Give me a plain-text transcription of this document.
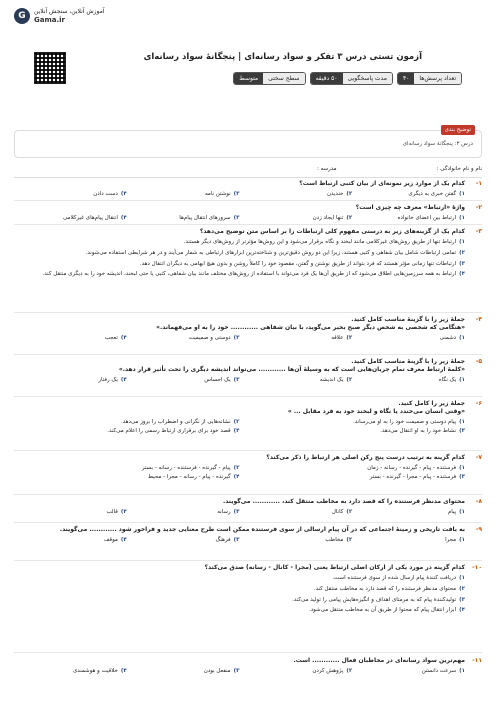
G آموزش آنلاین، سنجش آنلاین
Gama.ir
آزمون تستی درس ۳ تفکر و سواد رسانه‌ای | پنجگانهٔ سواد رسانه‌ای
تعداد پرسش‌ها
۴۰
مدت پاسخگویی
۵۰ دقیقه
سطح سختی
متوسط
توضیح بندی
درس ۳: پنجگانهٔ سواد رسانه‌ای
نام و نام خانوادگی :
مدرسه :
۱ -
کدام یک از موارد زیر نمونه‌ای از بیان کتبی ارتباط است؟
۱)
گفتن خبری به دیگری
۲)
خندیدن
۳)
نوشتن نامه
۴)
دست دادن
۲ -
واژهٔ «ارتباط» معرف چه چیزی است؟
۱)
ارتباط بین اعضای خانواده
۲)
تنها ایجاد زدن
۳)
سرورهای انتقال پیام‌ها
۴)
انتقال پیام‌های غیرکلامی
۳ -
کدام یک از گزینه‌های زیر به درستی مفهوم کلی ارتباطات را بر اساس متن توضیح می‌دهد؟
۱)
ارتباط تنها از طریق روش‌های غیرکلامی مانند لبخند و نگاه برقرار می‌شود و این روش‌ها مؤثرتر از روش‌های دیگر هستند.
۲)
تمامی ارتباطات شامل بیان شفاهی و کتبی هستند، زیرا این دو روش دقیق‌ترین و شناخته‌ترین ابزارهای ارتباطی به شمار می‌آیند و در هر شرایطی استفاده می‌شوند.
۳)
ارتباطات تنها زمانی مؤثر هستند که فرد بتواند از طریق نوشتن و گفتن، مقصود خود را کاملاً روشن و بدون هیچ ابهامی به دیگران انتقال دهد.
۴)
ارتباط به همه سرزمین‌هایی اطلاق می‌شود که از طریق آن‌ها یک فرد می‌تواند با استفاده از روش‌های مختلف مانند بیان شفاهی، کتبی یا حتی لبخند، اندیشه خود را به دیگری منتقل کند.
۴ -
جملهٔ زیر را با گزینهٔ مناسب کامل کنید.
«هنگامی که شخصی به شخص دیگر صبح بخیر می‌گوید، با بیان شفاهی ............ خود را به او می‌فهماند.»
۱)
دشمنی
۲)
علاقه
۳)
دوستی و صمیمیت
۴)
تعجب
۵ -
جملهٔ زیر را با گزینهٔ مناسب کامل کنید.
«کلمهٔ ارتباط معرف تمام جریان‌هایی است که به وسیلهٔ آن‌ها ............ می‌تواند اندیشه دیگری را تحت تأثیر قرار دهد.»
۱)
یک نگاه
۲)
یک اندیشه
۳)
یک احساس
۴)
یک رفتار
۶ -
جملهٔ زیر را کامل کنید.
«وقتی انسان می‌خندد یا نگاه و لبخند خود به فرد مقابل ... »
۱)
پیام دوستی و صمیمت خود را به او می‌رساند.
۲)
نشانه‌هایی از نگرانی و اضطراب را بروز می‌دهد.
۳)
نشاط خود را به او انتقال می‌دهد.
۴)
قصد خود برای برقراری ارتباط رسمی را اعلام می‌کند.
۷ -
کدام گزینه به ترتیب درست پنج رکن اصلی هر ارتباط را ذکر می‌کند؟
۱)
فرستنده - پیام - گیرنده - رسانه - زمان
۲)
پیام - گیرنده - فرستنده - رسانه - بستر
۳)
فرستنده - پیام - مجرا - گیرنده - بستر
۴)
گیرنده - پیام - رسانه - مجرا - محیط
۸ -
محتوای مدنظر فرستنده را که قصد دارد به مخاطب منتقل کند، ............ می‌گویند.
۱)
پیام
۲)
کانال
۳)
رسانه
۴)
قالب
۹ -
به بافت تاریخی و زمینهٔ اجتماعی که در آن پیام ارسالی از سوی فرستنده ممکن است طرح معنایی جدید و فراخور شود ............ می‌گویند.
۱)
مجرا
۲)
مخاطب
۳)
فرهنگ
۴)
موقف
۱۰ -
کدام گزینه در مورد یکی از ارکان اصلی ارتباط یعنی (مجرا - کانال - رسانه) صدق می‌کند؟
۱)
دریافت کنندهٔ پیام ارسال شده از سوی فرستنده است.
۲)
محتوای مدنظر فرستنده را که قصد دارد به مخاطب منتقل کند.
۳)
تولیدکنندهٔ پیام که به مرمتای اهداف و انگیزه‌هایش پیامی را تولید می‌کند.
۴)
ابزار انتقال پیام که محتوا از طریق آن به مخاطب منتقل می‌شود.
۱۱ -
مهم‌ترین سواد رسانه‌ای در مخاطبان فعال ............ است.
۱)
سرعت دانستن
۲)
پژوهش کردن
۳)
منفعل بودن
۴)
خلاقیت و هوشمندی
